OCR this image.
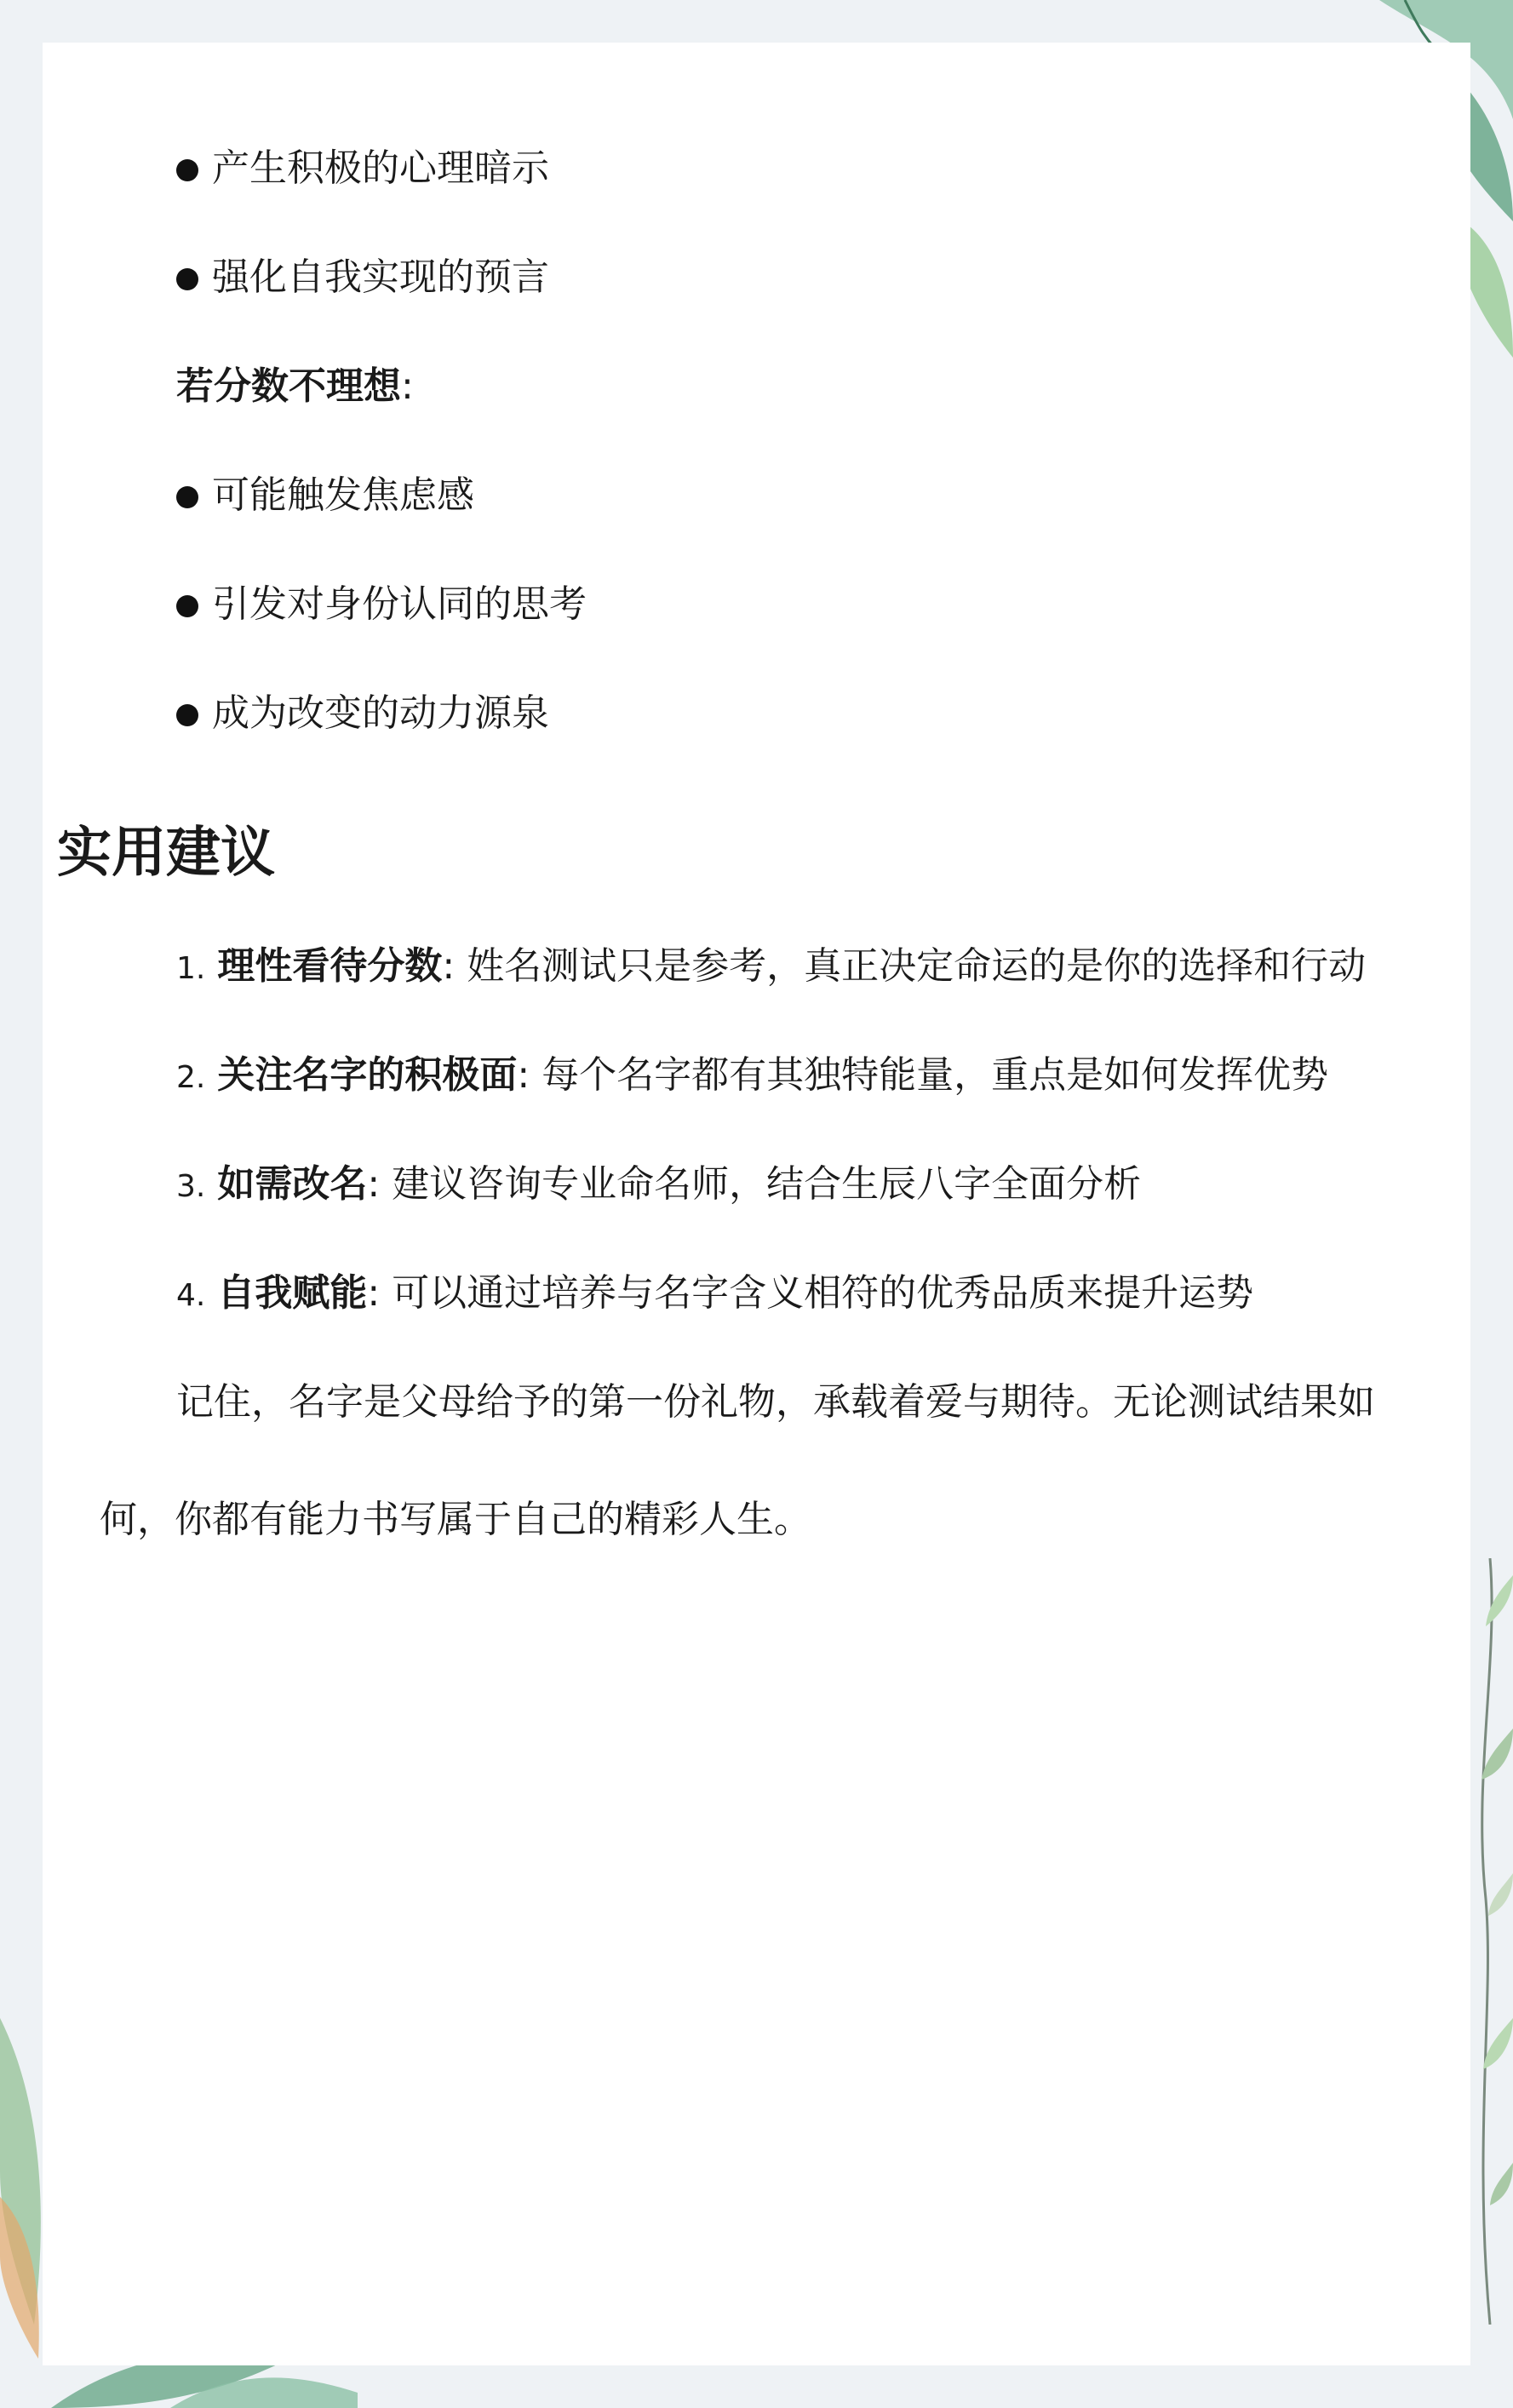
产生积极的心理暗示
强化自我实现的预言
若分数不理想:
可能触发焦虑感
引发对身份认同的思考
成为改变的动力源泉
实用建议
1. 理性看待分数: 姓名测试只是参考，真正决定命运的是你的选择和行动
2. 关注名字的积极面: 每个名字都有其独特能量，重点是如何发挥优势
3. 如需改名: 建议咨询专业命名师，结合生辰八字全面分析
4. 自我赋能: 可以通过培养与名字含义相符的优秀品质来提升运势
记住，名字是父母给予的第一份礼物，承载着爱与期待。无论测试结果如
何，你都有能力书写属于自己的精彩人生。
